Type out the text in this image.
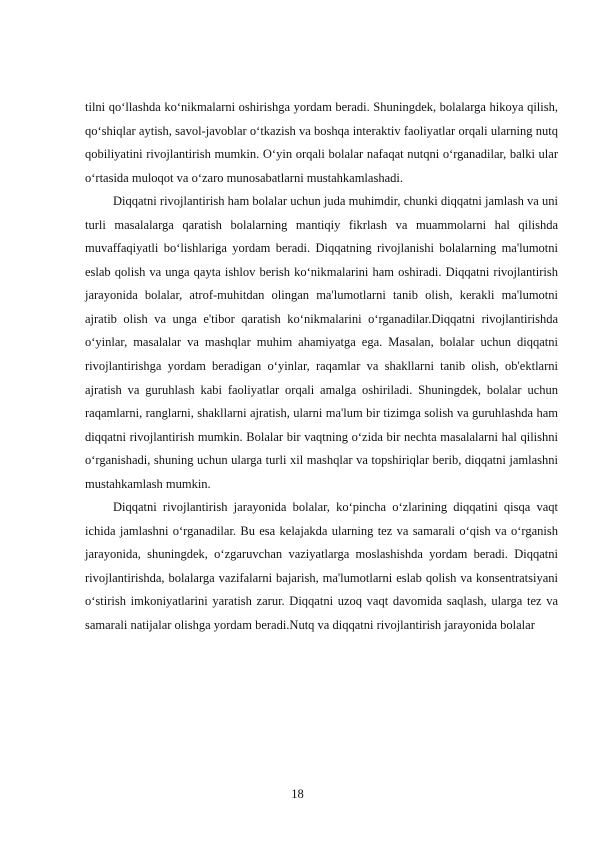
tilni qo‘llashda ko‘nikmalarni oshirishga yordam beradi. Shuningdek, bolalarga hikoya qilish, qo‘shiqlar aytish, savol-javoblar o‘tkazish va boshqa interaktiv faoliyatlar orqali ularning nutq qobiliyatini rivojlantirish mumkin. O‘yin orqali bolalar nafaqat nutqni o‘rganadilar, balki ular o‘rtasida muloqot va o‘zaro munosabatlarni mustahkamlashadi.

Diqqatni rivojlantirish ham bolalar uchun juda muhimdir, chunki diqqatni jamlash va uni turli masalalarga qaratish bolalarning mantiqiy fikrlash va muammolarni hal qilishda muvaffaqiyatli bo‘lishlariga yordam beradi. Diqqatning rivojlanishi bolalarning ma'lumotni eslab qolish va unga qayta ishlov berish ko‘nikmalarini ham oshiradi. Diqqatni rivojlantirish jarayonida bolalar, atrof-muhitdan olingan ma'lumotlarni tanib olish, kerakli ma'lumotni ajratib olish va unga e'tibor qaratish ko‘nikmalarini o‘rganadilar.Diqqatni rivojlantirishda o‘yinlar, masalalar va mashqlar muhim ahamiyatga ega. Masalan, bolalar uchun diqqatni rivojlantirishga yordam beradigan o‘yinlar, raqamlar va shakllarni tanib olish, ob'ektlarni ajratish va guruhlash kabi faoliyatlar orqali amalga oshiriladi. Shuningdek, bolalar uchun raqamlarni, ranglarni, shakllarni ajratish, ularni ma'lum bir tizimga solish va guruhlashda ham diqqatni rivojlantirish mumkin. Bolalar bir vaqtning o‘zida bir nechta masalalarni hal qilishni o‘rganishadi, shuning uchun ularga turli xil mashqlar va topshiriqlar berib, diqqatni jamlashni mustahkamlash mumkin.

Diqqatni rivojlantirish jarayonida bolalar, ko‘pincha o‘zlarining diqqatini qisqa vaqt ichida jamlashni o‘rganadilar. Bu esa kelajakda ularning tez va samarali o‘qish va o‘rganish jarayonida, shuningdek, o‘zgaruvchan vaziyatlarga moslashishda yordam beradi. Diqqatni rivojlantirishda, bolalarga vazifalarni bajarish, ma'lumotlarni eslab qolish va konsentratsiyani o‘stirish imkoniyatlarini yaratish zarur. Diqqatni uzoq vaqt davomida saqlash, ularga tez va samarali natijalar olishga yordam beradi.Nutq va diqqatni rivojlantirish jarayonida bolalar

18
